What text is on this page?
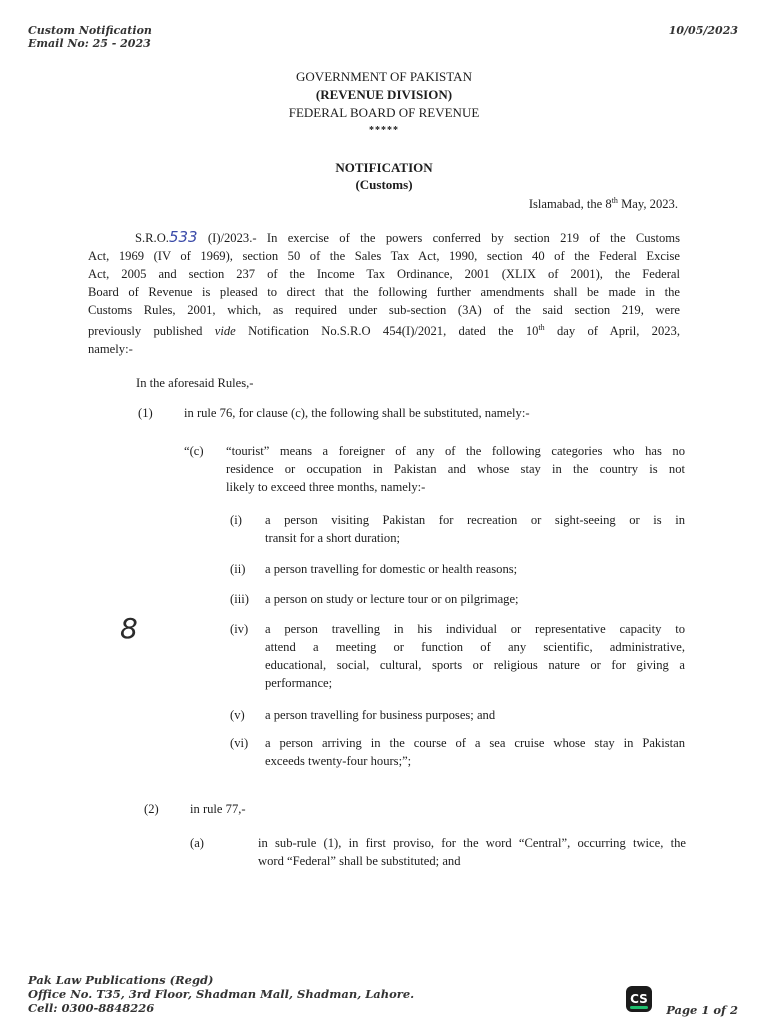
Custom Notification
Email No: 25 - 2023
10/05/2023
GOVERNMENT OF PAKISTAN
(REVENUE DIVISION)
FEDERAL BOARD OF REVENUE
*****
NOTIFICATION
(Customs)
Islamabad, the 8th May, 2023.
S.R.O.533 (I)/2023.- In exercise of the powers conferred by section 219 of the Customs
Act, 1969 (IV of 1969), section 50 of the Sales Tax Act, 1990, section 40 of the Federal Excise
Act, 2005 and section 237 of the Income Tax Ordinance, 2001 (XLIX of 2001), the Federal
Board of Revenue is pleased to direct that the following further amendments shall be made in the
Customs Rules, 2001, which, as required under sub-section (3A) of the said section 219, were
previously published vide Notification No.S.R.O 454(I)/2021, dated the 10th day of April, 2023,
namely:-
In the aforesaid Rules,-
(1) in rule 76, for clause (c), the following shall be substituted, namely:-
“(c) “tourist” means a foreigner of any of the following categories who has no
residence or occupation in Pakistan and whose stay in the country is not
likely to exceed three months, namely:-
(i) a person visiting Pakistan for recreation or sight-seeing or is in
transit for a short duration;
(ii) a person travelling for domestic or health reasons;
(iii) a person on study or lecture tour or on pilgrimage;
8	(iv) a person travelling in his individual or representative capacity to
attend a meeting or function of any scientific, administrative,
educational, social, cultural, sports or religious nature or for giving a
performance;
(v) a person travelling for business purposes; and
(vi) a person arriving in the course of a sea cruise whose stay in Pakistan
exceeds twenty-four hours;”;
(2) in rule 77,-
(a)	in sub-rule (1), in first proviso, for the word “Central”, occurring twice, the
word “Federal” shall be substituted; and
Pak Law Publications (Regd)
Office No. T35, 3rd Floor, Shadman Mall, Shadman, Lahore.
Cell: 0300-8848226
CS
Page 1 of 2
